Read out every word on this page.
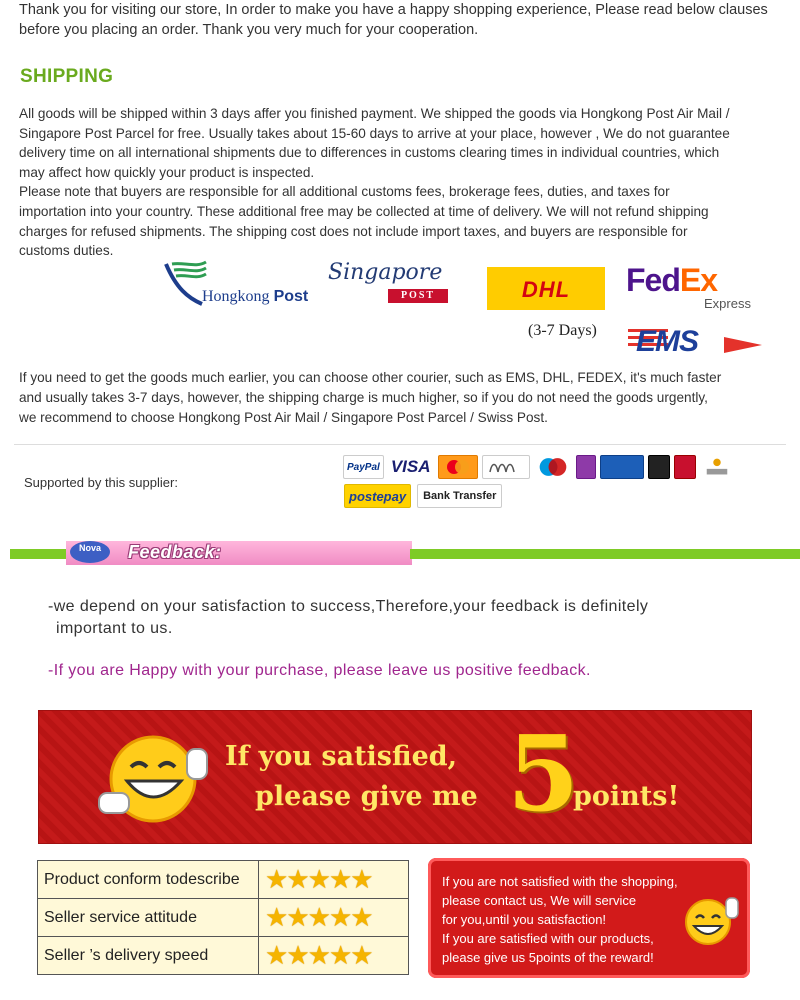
Thank you for visiting our store, In order to make you have a happy shopping experience, Please read below clauses
before you placing an order. Thank you very much for your cooperation.
SHIPPING

All goods will be shipped within 3 days affer you finished payment. We shipped the goods via Hongkong Post Air Mail /

Singapore Post Parcel for free. Usually takes about 15-60 days to arrive at your place, however , We do not guarantee

delivery time on all international shipments due to differences in customs clearing times in individual countries, which

may affect how quickly your product is inspected.

Please note that buyers are responsible for all additional customs fees, brokerage fees, duties, and taxes for

importation into your country. These additional free may be collected at time of delivery. We will not refund shipping

charges for refused shipments. The shipping cost does not include import taxes, and buyers are responsible for

customs duties.

Hongkong Post
Singapore
POST	DHL	FedEx
Express
(3-7 Days) EMS
If you need to get the goods much earlier, you can choose other courier, such as EMS, DHL, FEDEX, it's much faster
and usually takes 3-7 days, however, the shipping charge is much higher, so if you do not need the goods urgently,
we recommend to choose Hongkong Post Air Mail / Singapore Post Parcel / Swiss Post.
Supported by this supplier:
PayPal VISA
postepay	Bank Transfer
Nova	Feedback:
-we depend on your satisfaction to success,Therefore,your feedback is definitely
important to us.
-If you are Happy with your purchase, please leave us positive feedback.
If you satisfied,
please give me 5
points!
Product conform todescribe	★★★★★
Seller service attitude	★★★★★
Seller ’s delivery speed	★★★★★
If you are not satisfied with the shopping,
please contact us, We will service
for you,until you satisfaction!
If you are satisfied with our products,
please give us 5points of the reward!
